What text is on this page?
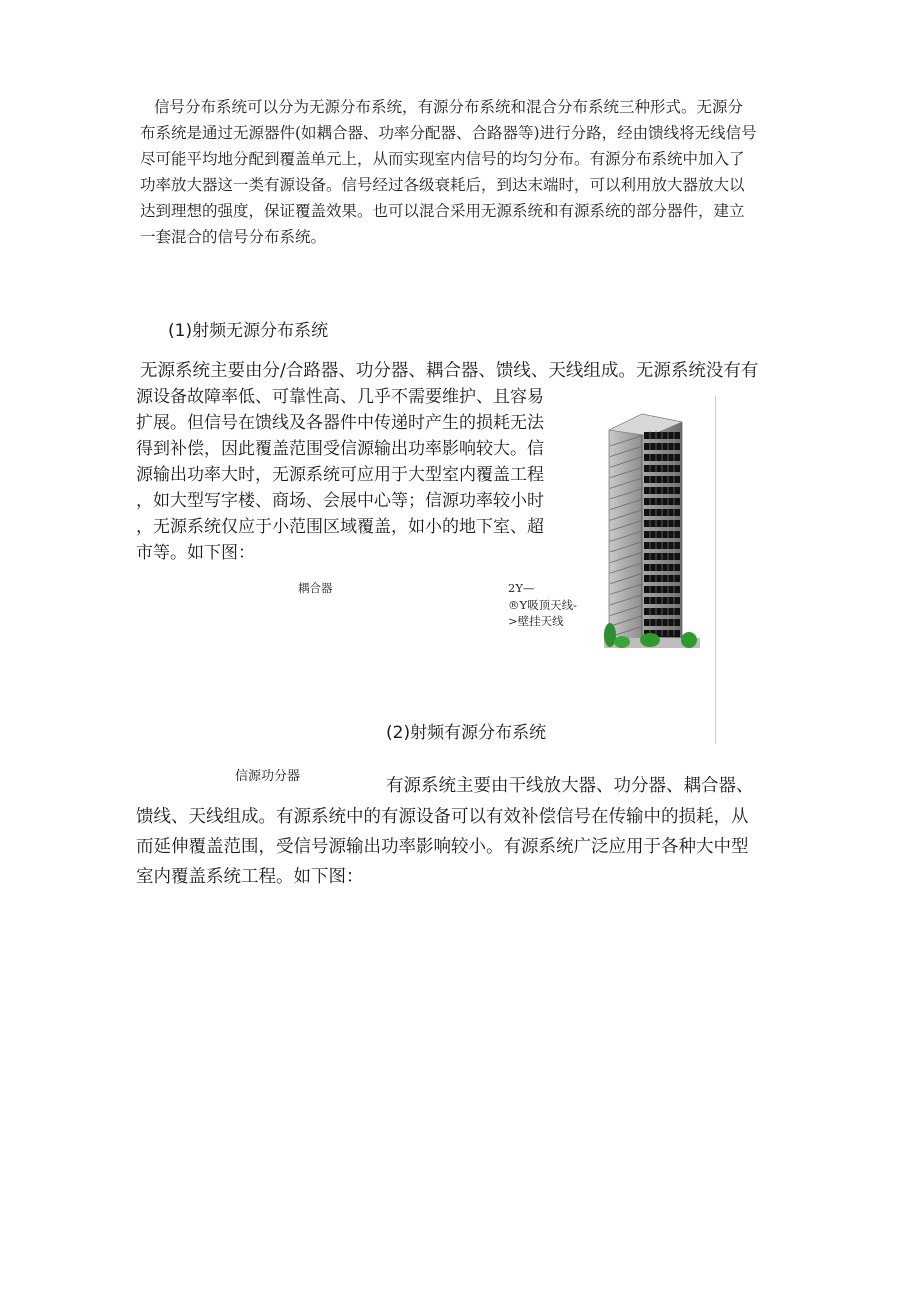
信号分布系统可以分为无源分布系统，有源分布系统和混合分布系统三种形式。无源分
布系统是通过无源器件(如耦合器、功率分配器、合路器等)进行分路，经由馈线将无线信号
尽可能平均地分配到覆盖单元上，从而实现室内信号的均匀分布。有源分布系统中加入了
功率放大器这一类有源设备。信号经过各级衰耗后，到达末端时，可以利用放大器放大以
达到理想的强度，保证覆盖效果。也可以混合采用无源系统和有源系统的部分器件，建立
一套混合的信号分布系统。
(1)射频无源分布系统
无源系统主要由分/合路器、功分器、耦合器、馈线、天线组成。无源系统没有有
源设备故障率低、可靠性高、几乎不需要维护、且容易
扩展。但信号在馈线及各器件中传递时产生的损耗无法
得到补偿，因此覆盖范围受信源输出功率影响较大。信
源输出功率大时，无源系统可应用于大型室内覆盖工程
，如大型写字楼、商场、会展中心等；信源功率较小时
，无源系统仅应于小范围区域覆盖，如小的地下室、超
市等。如下图：
耦合器	2Y—
®Y吸顶天线-
>壁挂天线
(2)射频有源分布系统
信源功分器	有源系统主要由干线放大器、功分器、耦合器、
馈线、天线组成。有源系统中的有源设备可以有效补偿信号在传输中的损耗，从
而延伸覆盖范围，受信号源输出功率影响较小。有源系统广泛应用于各种大中型
室内覆盖系统工程。如下图：
